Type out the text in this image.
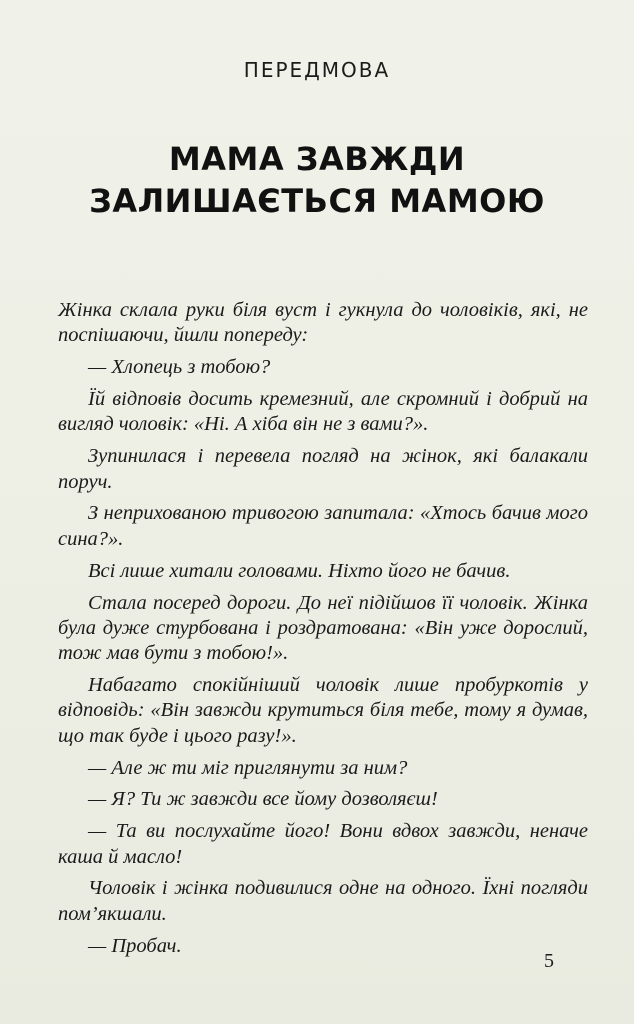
ПЕРЕДМОВА
МАМА ЗАВЖДИ
ЗАЛИШАЄТЬСЯ МАМОЮ

Жінка склала руки біля вуст і гукнула до чоловіків, які, не поспішаючи, йшли попереду:

— Хлопець з тобою?

Їй відповів досить кремезний, але скромний і добрий на вигляд чоловік: «Ні. А хіба він не з вами?».

Зупинилася і перевела погляд на жінок, які балакали поруч.

З неприхованою тривогою запитала: «Хтось бачив мого сина?».

Всі лише хитали головами. Ніхто його не бачив.

Стала посеред дороги. До неї підійшов її чоловік. Жінка була дуже стурбована і роздратована: «Він уже дорослий, тож мав бути з тобою!».

Набагато спокійніший чоловік лише пробуркотів у відповідь: «Він завжди крутиться біля тебе, тому я думав, що так буде і цього разу!».

— Але ж ти міг приглянути за ним?

— Я? Ти ж завжди все йому дозволяєш!

— Та ви послухайте його! Вони вдвох завжди, неначе каша й масло!

Чоловік і жінка подивилися одне на одного. Їхні погляди пом’якшали.

— Пробач.

5
